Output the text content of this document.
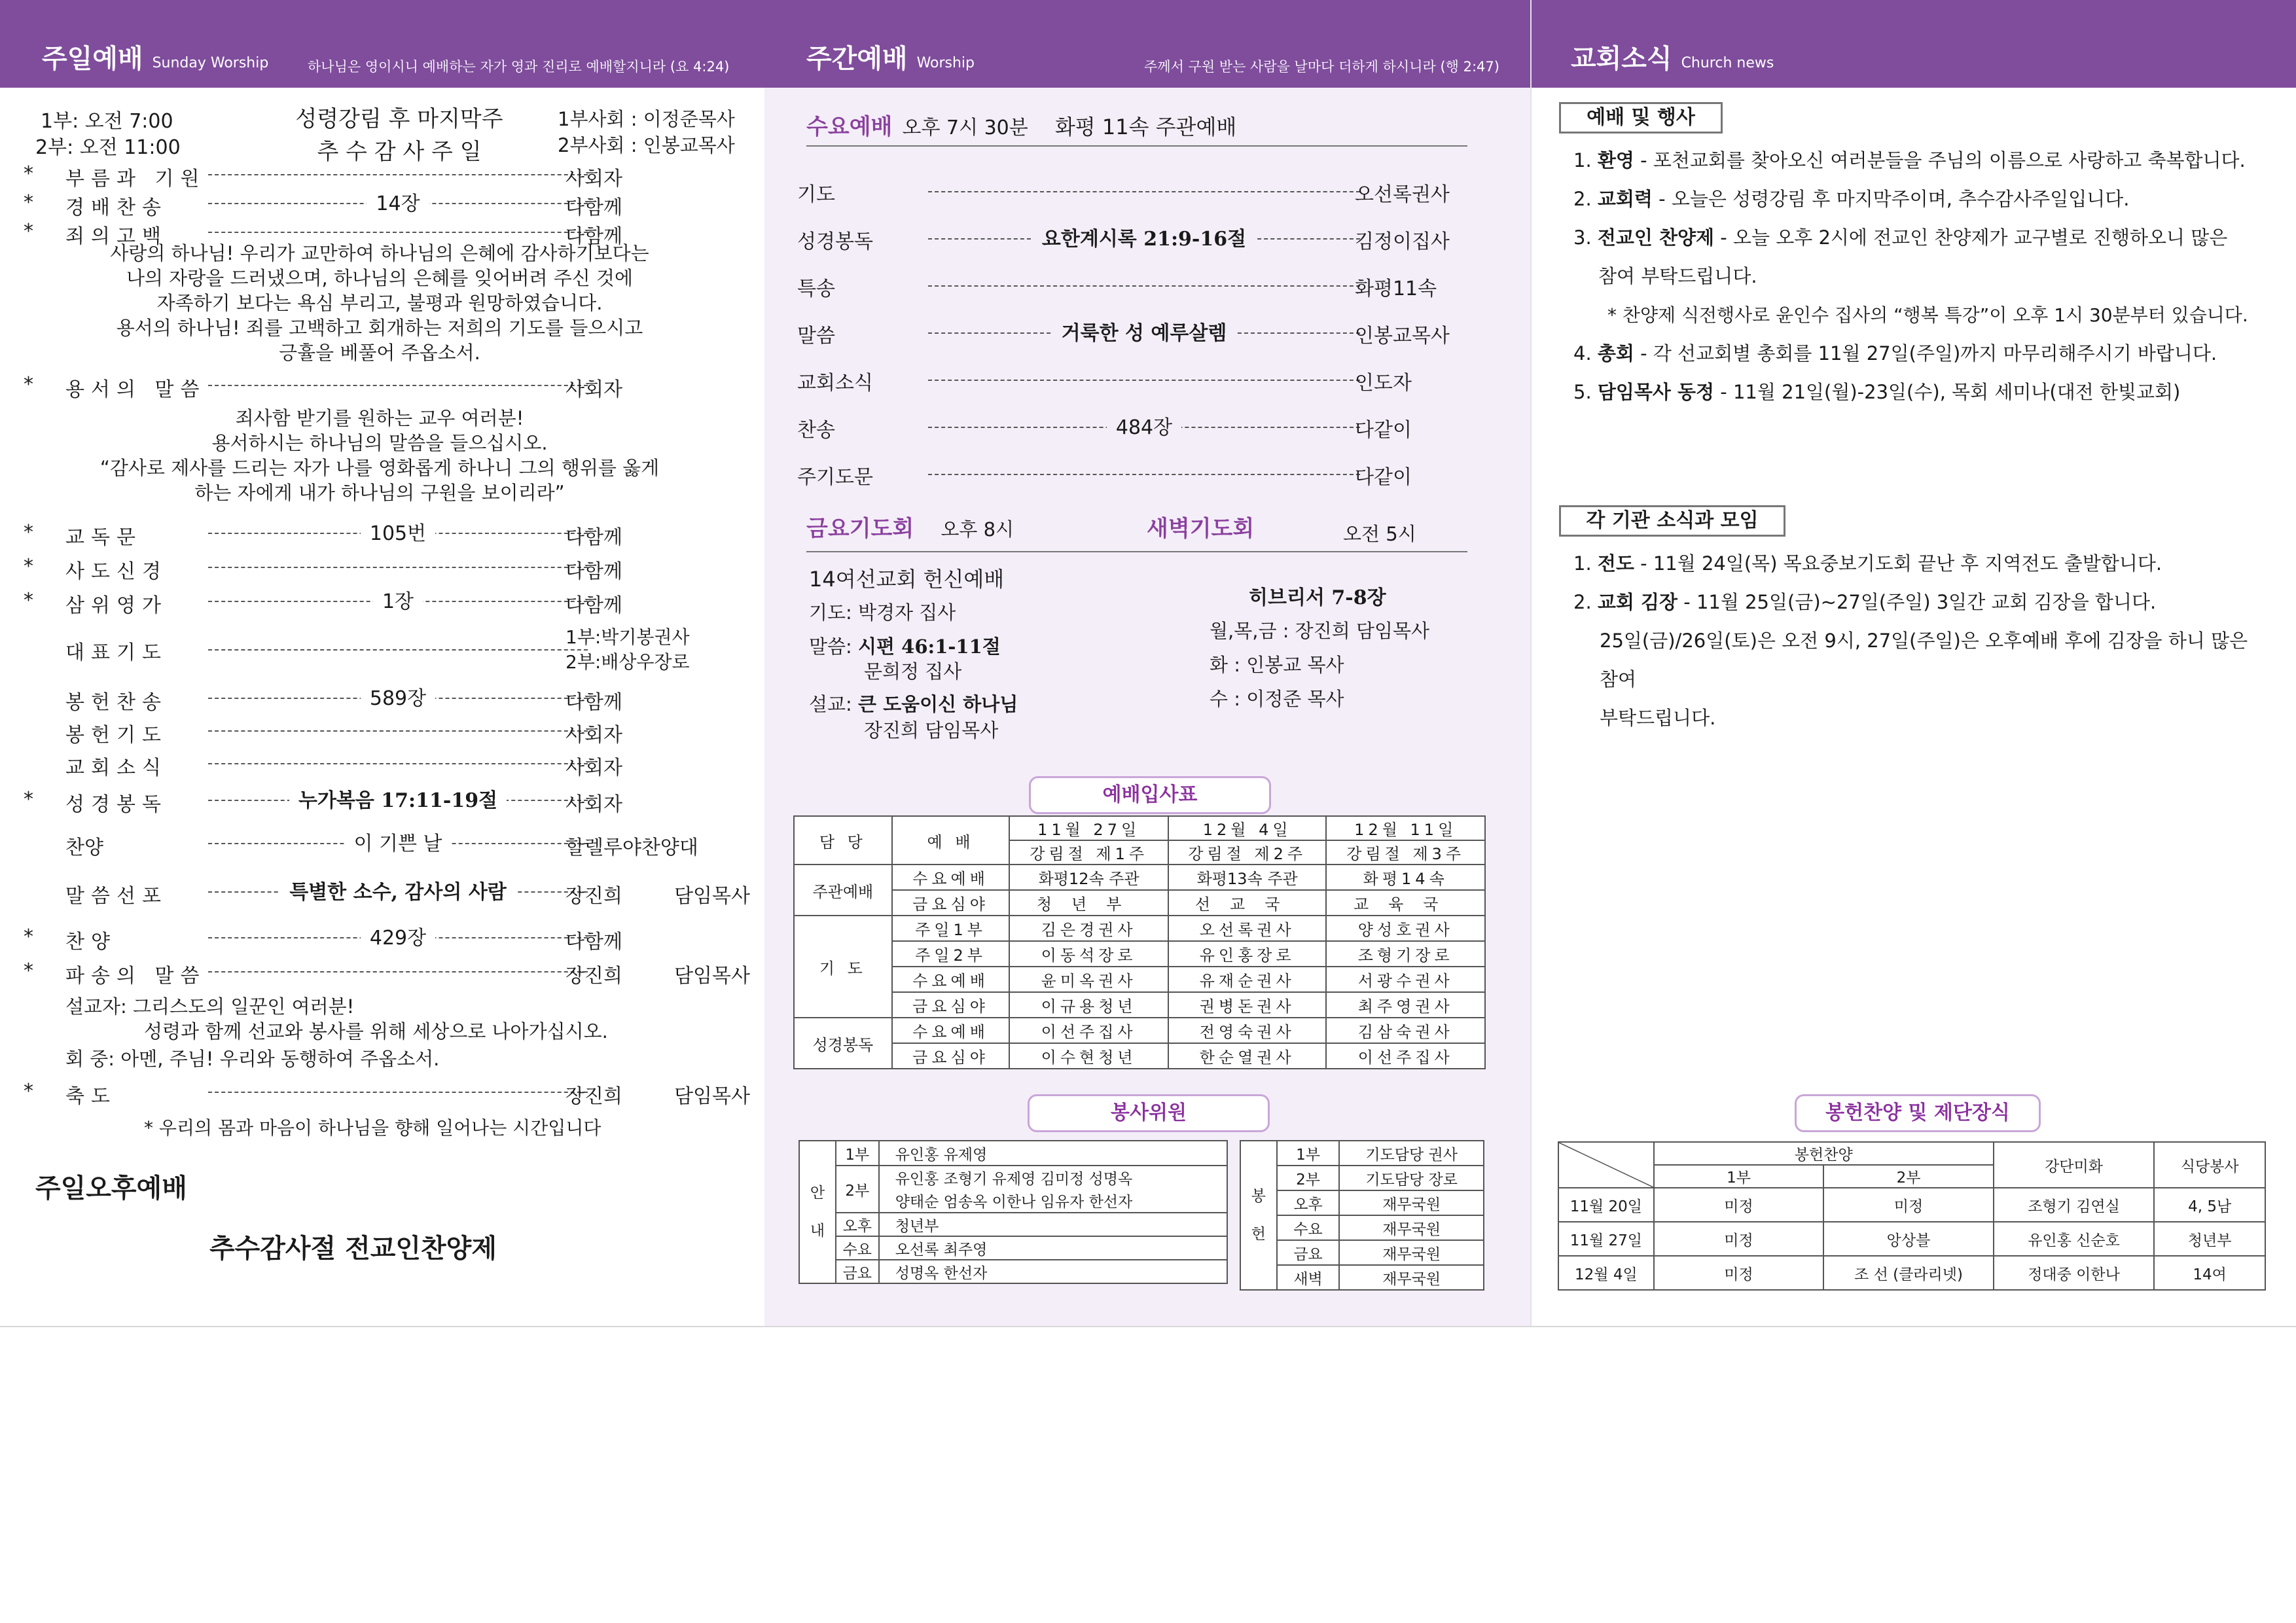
주일예배 Sunday Worship	하나님은 영이시니 예배하는 자가 영과 진리로 예배할지니라 (요 4:24)
1부: 오전 7:00
2부: 오전 11:00
성령강림 후 마지막주
추 수 감 사 주 일
1부사회 : 이정준목사
2부사회 : 인봉교목사
*	부름과 기원	사회자
*	경배찬송	14장	다함께
*	죄의고백	다함께
사랑의 하나님! 우리가 교만하여 하나님의 은혜에 감사하기보다는
나의 자랑을 드러냈으며, 하나님의 은혜를 잊어버려 주신 것에
자족하기 보다는 욕심 부리고, 불평과 원망하였습니다.
용서의 하나님! 죄를 고백하고 회개하는 저희의 기도를 들으시고
긍휼을 베풀어 주옵소서.
*	용서의 말씀	사회자
죄사함 받기를 원하는 교우 여러분!
용서하시는 하나님의 말씀을 들으십시오.
“감사로 제사를 드리는 자가 나를 영화롭게 하나니 그의 행위를 옳게
하는 자에게 내가 하나님의 구원을 보이리라”
*	교독문	105번	다함께
*	사도신경	다함께
*	삼위영가	1장	다함께
대표기도
1부:박기봉권사
2부:배상우장로
봉헌찬송	589장	다함께
봉헌기도	사회자
교회소식	사회자
*	성경봉독	누가복음 17:11-19절	사회자
찬양	이 기쁜 날	할렐루야찬양대
말씀선포	특별한 소수, 감사의 사람	장진희 담임목사
*	찬양	429장	다함께
*	파송의 말씀	장진희 담임목사
설교자: 그리스도의 일꾼인 여러분!
성령과 함께 선교와 봉사를 위해 세상으로 나아가십시오.
회 중: 아멘, 주님! 우리와 동행하여 주옵소서.
*	축도	장진희 담임목사
* 우리의 몸과 마음이 하나님을 향해 일어나는 시간입니다
주일오후예배
추수감사절 전교인찬양제
주간예배 Worship	주께서 구원 받는 사람을 날마다 더하게 하시니라 (행 2:47)
수요예배 오후 7시 30분 화평 11속 주관예배
기도	오선록권사
성경봉독	요한계시록 21:9-16절	김정이집사
특송	화평11속
말씀	거룩한 성 예루살렘	인봉교목사
교회소식	인도자
찬송	484장	다같이
주기도문	다같이
금요기도회 오후 8시	새벽기도회	오전 5시
14여선교회 헌신예배
기도: 박경자 집사
말씀: 시편 46:1-11절
문희정 집사
설교: 큰 도움이신 하나님
장진희 담임목사
히브리서 7-8장
월,목,금 : 장진희 담임목사
화 : 인봉교 목사
수 : 이정준 목사
예배입사표
담 당	예 배	11월 27일	12월 4일	12월 11일
		강림절 제1주	강림절 제2주	강림절 제3주
주관예배	수요예배	화평12속 주관	화평13속 주관	화평14속
	금요심야	청년부	선교국	교육국
기 도	주일1부	김은경권사	오선록권사	양성호권사
	주일2부	이동석장로	유인홍장로	조형기장로
	수요예배	윤미옥권사	유재순권사	서광수권사
	금요심야	이규용청년	권병돈권사	최주영권사
성경봉독	수요예배	이선주집사	전영숙권사	김삼숙권사
	금요심야	이수현청년	한순열권사	이선주집사
봉사위원
안
내	1부	유인홍 유제영
	2부	유인홍 조형기 유제영 김미정 성명옥
		양태순 엄송옥 이한나 임유자 한선자
	오후	청년부
	수요	오선록 최주영
	금요	성명옥 한선자
봉
헌	1부	기도담당 권사
	2부	기도담당 장로
	오후	재무국원
	수요	재무국원
	금요	재무국원
	새벽	재무국원
교회소식 Church news
예배 및 행사
1. 환영 - 포천교회를 찾아오신 여러분들을 주님의 이름으로 사랑하고 축복합니다.
2. 교회력 - 오늘은 성령강림 후 마지막주이며, 추수감사주일입니다.
3. 전교인 찬양제 - 오늘 오후 2시에 전교인 찬양제가 교구별로 진행하오니 많은
참여 부탁드립니다.
* 찬양제 식전행사로 윤인수 집사의 “행복 특강”이 오후 1시 30분부터 있습니다.
4. 총회 - 각 선교회별 총회를 11월 27일(주일)까지 마무리해주시기 바랍니다.
5. 담임목사 동정 - 11월 21일(월)-23일(수), 목회 세미나(대전 한빛교회)
각 기관 소식과 모임
1. 전도 - 11월 24일(목) 목요중보기도회 끝난 후 지역전도 출발합니다.
2. 교회 김장 - 11월 25일(금)~27일(주일) 3일간 교회 김장을 합니다.
25일(금)/26일(토)은 오전 9시, 27일(주일)은 오후예배 후에 김장을 하니 많은 참여
부탁드립니다.
봉헌찬양 및 제단장식
	봉헌찬양		강단미화	식당봉사
	1부	2부		
11월 20일	미정	미정	조형기 김연실	4, 5남
11월 27일	미정	앙상블	유인홍 신순호	청년부
12월 4일	미정	조 선 (클라리넷)	정대중 이한나	14여
